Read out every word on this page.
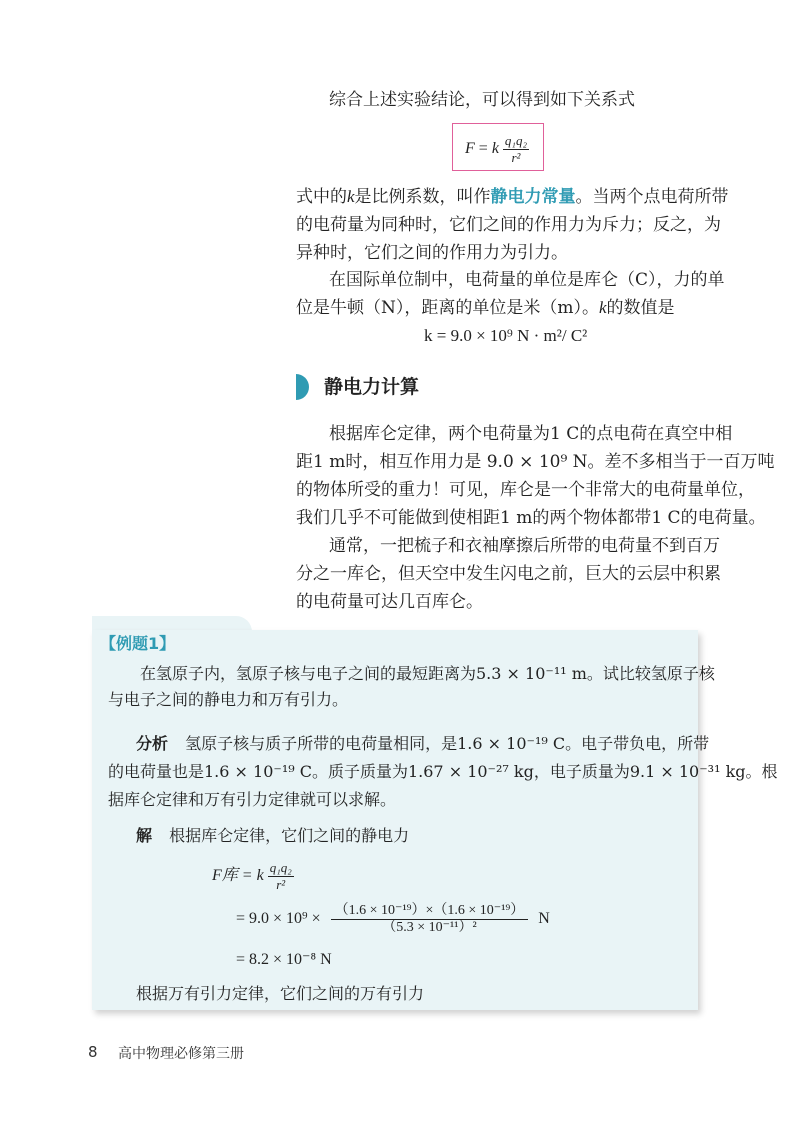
综合上述实验结论，可以得到如下关系式
F = k $\frac{\text{q₁q₂}}{\text{r²}}$
式中的k是比例系数，叫作静电力常量。当两个点电荷所带
的电荷量为同种时，它们之间的作用力为斥力；反之，为
异种时，它们之间的作用力为引力。
在国际单位制中，电荷量的单位是库仑（C），力的单
位是牛顿（N），距离的单位是米（m）。k的数值是
k = 9.0 × 10⁹ N · m²/ C²
静电力计算
根据库仑定律，两个电荷量为1 C的点电荷在真空中相
距1 m时，相互作用力是 9.0 × 10⁹ N。差不多相当于一百万吨
的物体所受的重力！可见，库仑是一个非常大的电荷量单位，
我们几乎不可能做到使相距1 m的两个物体都带1 C的电荷量。
通常，一把梳子和衣袖摩擦后所带的电荷量不到百万
分之一库仑，但天空中发生闪电之前，巨大的云层中积累
的电荷量可达几百库仑。
【例题1】
在氢原子内，氢原子核与电子之间的最短距离为5.3 × 10⁻¹¹ m。试比较氢原子核
与电子之间的静电力和万有引力。
分析 氢原子核与质子所带的电荷量相同，是1.6 × 10⁻¹⁹ C。电子带负电，所带
的电荷量也是1.6 × 10⁻¹⁹ C。质子质量为1.67 × 10⁻²⁷ kg，电子质量为9.1 × 10⁻³¹ kg。根
据库仑定律和万有引力定律就可以求解。
解 根据库仑定律，它们之间的静电力
F库 = k $\frac{\text{q₁q₂}}{\text{r²}}$
= $9.0 \times 10^9 \times \frac{\text{（1.6 × 10⁻¹⁹）×（1.6 × 10⁻¹⁹）}}{\text{（5.3 × 10⁻¹¹）²}}$ N
= 8.2 × 10⁻⁸ N
根据万有引力定律，它们之间的万有引力
8 高中物理必修第三册
